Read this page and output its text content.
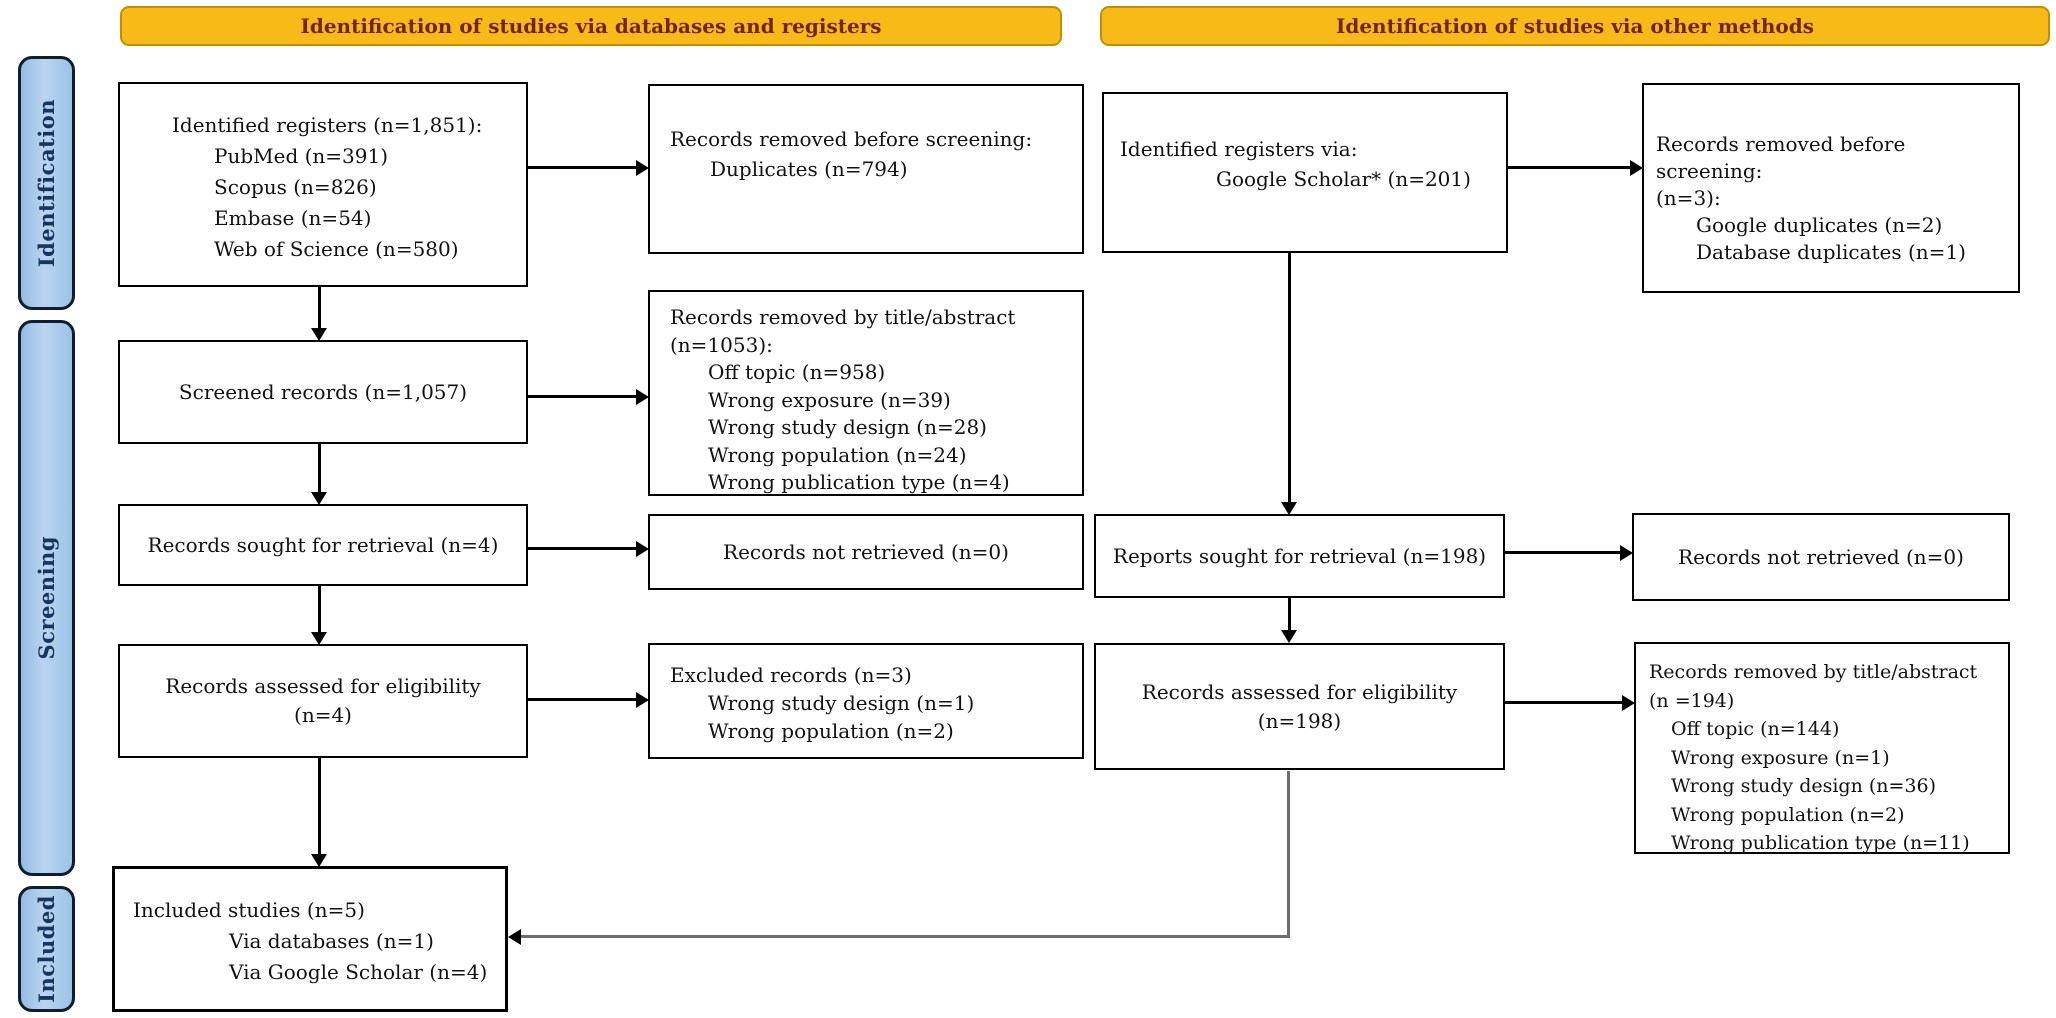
Identification of studies via databases and registers	Identification of studies via other methods
Identification
Screening
Included
Identified registers (n=1,851):
PubMed (n=391)
Scopus (n=826)
Embase (n=54)
Web of Science (n=580)
Screened records (n=1,057)
Records sought for retrieval (n=4)
Records assessed for eligibility
(n=4)
Included studies (n=5)
Via databases (n=1)
Via Google Scholar (n=4)
Records removed before screening:
Duplicates (n=794)
Records removed by title/abstract
(n=1053):
Off topic (n=958)
Wrong exposure (n=39)
Wrong study design (n=28)
Wrong population (n=24)
Wrong publication type (n=4)
Records not retrieved (n=0)
Excluded records (n=3)
Wrong study design (n=1)
Wrong population (n=2)
Identified registers via:
Google Scholar* (n=201)
Reports sought for retrieval (n=198)
Records assessed for eligibility
(n=198)
Records removed before screening:
(n=3):
Google duplicates (n=2)
Database duplicates (n=1)
Records not retrieved (n=0)
Records removed by title/abstract
(n =194)
Off topic (n=144)
Wrong exposure (n=1)
Wrong study design (n=36)
Wrong population (n=2)
Wrong publication type (n=11)
